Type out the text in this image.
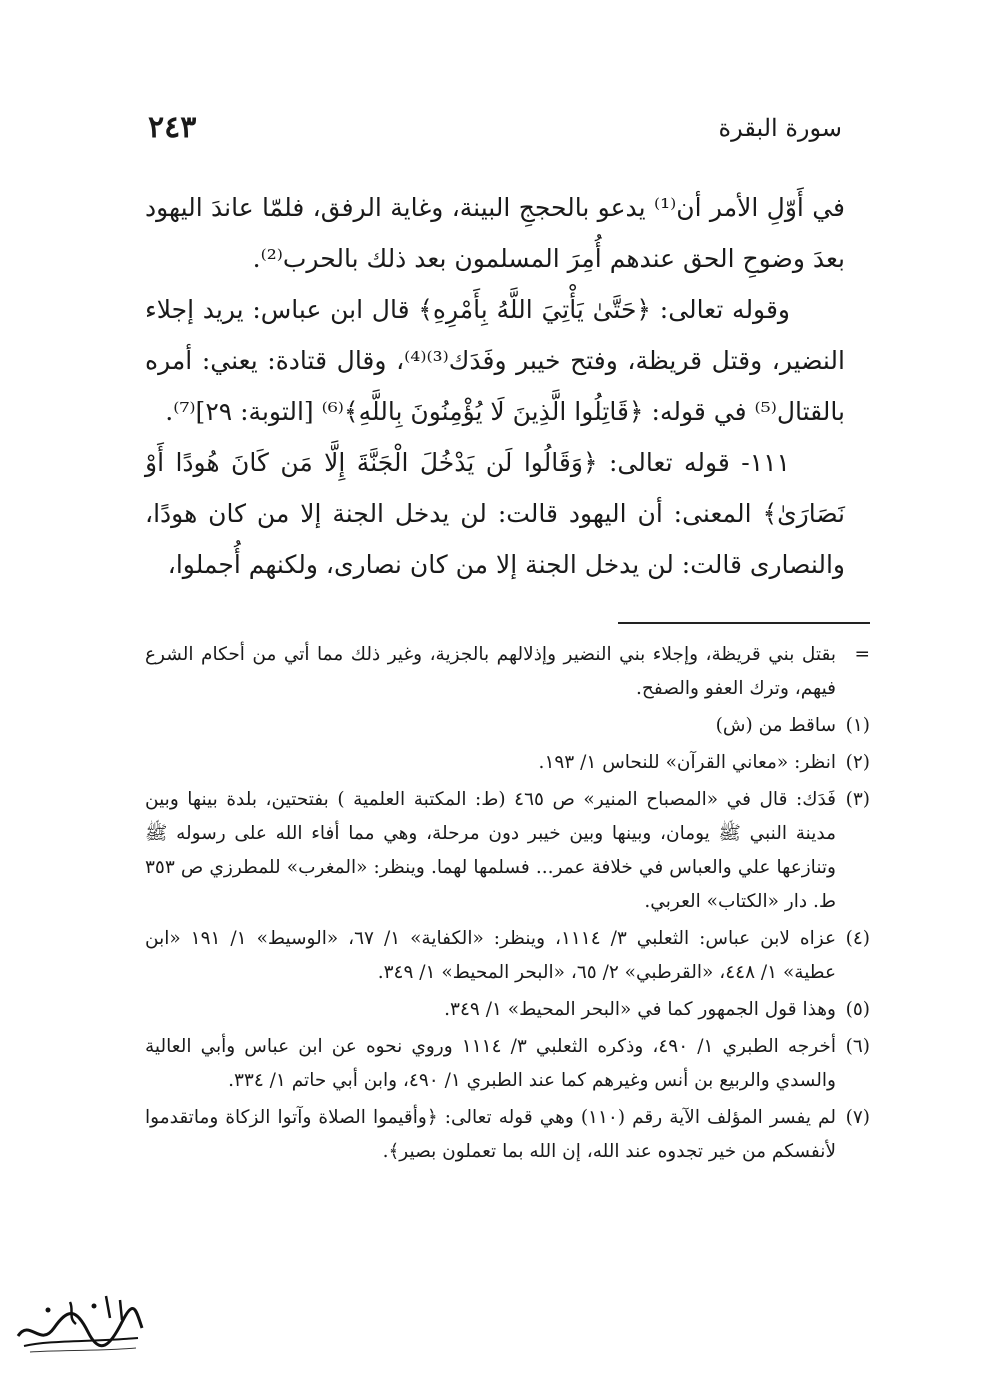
سورة البقرة
٢٤٣

في أَوّلِ الأمر أن⁽¹⁾ يدعو بالحججِ البينة، وغاية الرفق، فلمّا عاندَ اليهود بعدَ وضوحِ الحق عندهم أُمِرَ المسلمون بعد ذلك بالحرب⁽²⁾.

وقوله تعالى: ﴿حَتَّىٰ يَأْتِيَ اللَّهُ بِأَمْرِهِ﴾ قال ابن عباس: يريد إجلاء النضير، وقتل قريظة، وفتح خيبر وفَدَك⁽³⁾⁽⁴⁾، وقال قتادة: يعني: أمره بالقتال⁽⁵⁾ في قوله: ﴿قَاتِلُوا الَّذِينَ لَا يُؤْمِنُونَ بِاللَّهِ﴾⁽⁶⁾ [التوبة: ٢٩]⁽⁷⁾.

١١١- قوله تعالى: ﴿وَقَالُوا لَن يَدْخُلَ الْجَنَّةَ إِلَّا مَن كَانَ هُودًا أَوْ نَصَارَىٰ﴾ المعنى: أن اليهود قالت: لن يدخل الجنة إلا من كان هودًا، والنصارى قالت: لن يدخل الجنة إلا من كان نصارى، ولكنهم أُجملوا،

=
بقتل بني قريظة، وإجلاء بني النضير وإذلالهم بالجزية، وغير ذلك مما أتي من أحكام الشرع فيهم، وترك العفو والصفح.
(١)
ساقط من (ش)
(٢)
انظر: «معاني القرآن» للنحاس ١/ ١٩٣.
(٣)
فَدَك: قال في «المصباح المنير» ص ٤٦٥ (ط: المكتبة العلمية ) بفتحتين، بلدة بينها وبين مدينة النبي ﷺ يومان، وبينها وبين خيبر دون مرحلة، وهي مما أفاء الله على رسوله ﷺ وتنازعها علي والعباس في خلافة عمر... فسلمها لهما. وينظر: «المغرب» للمطرزي ص ٣٥٣ ط. دار «الكتاب» العربي.
(٤)
عزاه لابن عباس: الثعلبي ٣/ ١١١٤، وينظر: «الكفاية» ١/ ٦٧، «الوسيط» ١/ ١٩١ «ابن عطية» ١/ ٤٤٨، «القرطبي» ٢/ ٦٥، «البحر المحيط» ١/ ٣٤٩.
(٥)
وهذا قول الجمهور كما في «البحر المحيط» ١/ ٣٤٩.
(٦)
أخرجه الطبري ١/ ٤٩٠، وذكره الثعلبي ٣/ ١١١٤ وروي نحوه عن ابن عباس وأبي العالية والسدي والربيع بن أنس وغيرهم كما عند الطبري ١/ ٤٩٠، وابن أبي حاتم ١/ ٣٣٤.
(٧)
لم يفسر المؤلف الآية رقم (١١٠) وهي قوله تعالى: ﴿وأقيموا الصلاة وآتوا الزكاة وماتقدموا لأنفسكم من خير تجدوه عند الله، إن الله بما تعملون بصير﴾.
